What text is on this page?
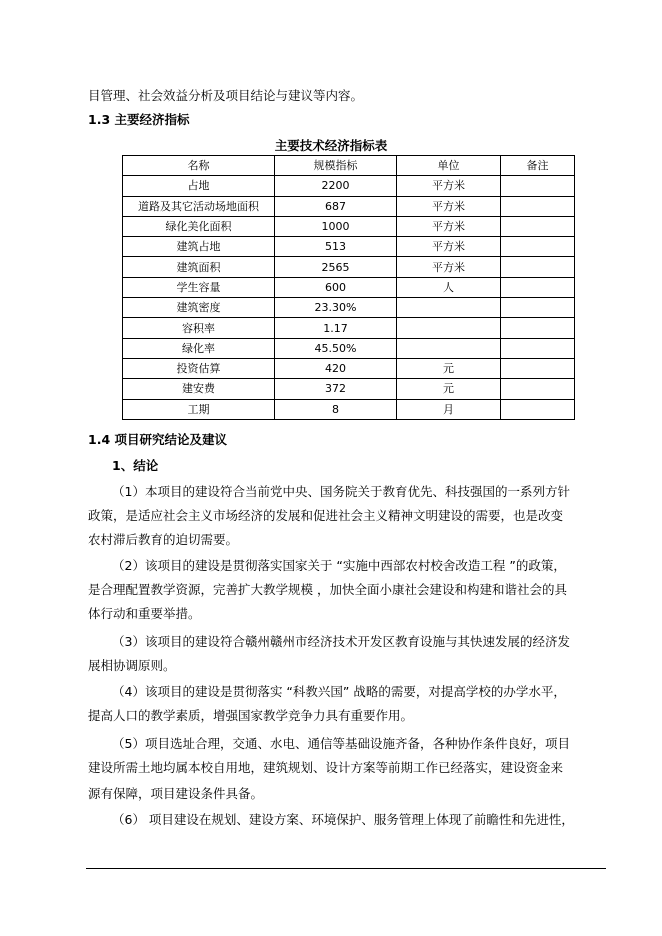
目管理、社会效益分析及项目结论与建议等内容。
1.3 主要经济指标
主要技术经济指标表
名称	规模指标	单位	备注
占地	2200	平方米	
道路及其它活动场地面积	687	平方米	
绿化美化面积	1000	平方米	
建筑占地	513	平方米	
建筑面积	2565	平方米	
学生容量	600	人	
建筑密度	23.30%		
容积率	1.17		
绿化率	45.50%		
投资估算	420	元	
建安费	372	元	
工期	8	月	
1.4 项目研究结论及建议
1、结论
（1）本项目的建设符合当前党中央、国务院关于教育优先、科技强国的一系列方针
政策，是适应社会主义市场经济的发展和促进社会主义精神文明建设的需要，也是改变
农村滞后教育的迫切需要。
（2）该项目的建设是贯彻落实国家关于 “实施中西部农村校舍改造工程 ”的政策，
是合理配置教学资源，完善扩大教学规模 ，加快全面小康社会建设和构建和谐社会的具
体行动和重要举措。
（3）该项目的建设符合赣州赣州市经济技术开发区教育设施与其快速发展的经济发
展相协调原则。
（4）该项目的建设是贯彻落实 “科教兴国” 战略的需要，对提高学校的办学水平，
提高人口的教学素质，增强国家教学竞争力具有重要作用。
（5）项目选址合理，交通、水电、通信等基础设施齐备，各种协作条件良好，项目
建设所需土地均属本校自用地，建筑规划、设计方案等前期工作已经落实，建设资金来
源有保障，项目建设条件具备。
（6） 项目建设在规划、建设方案、环境保护、服务管理上体现了前瞻性和先进性，
